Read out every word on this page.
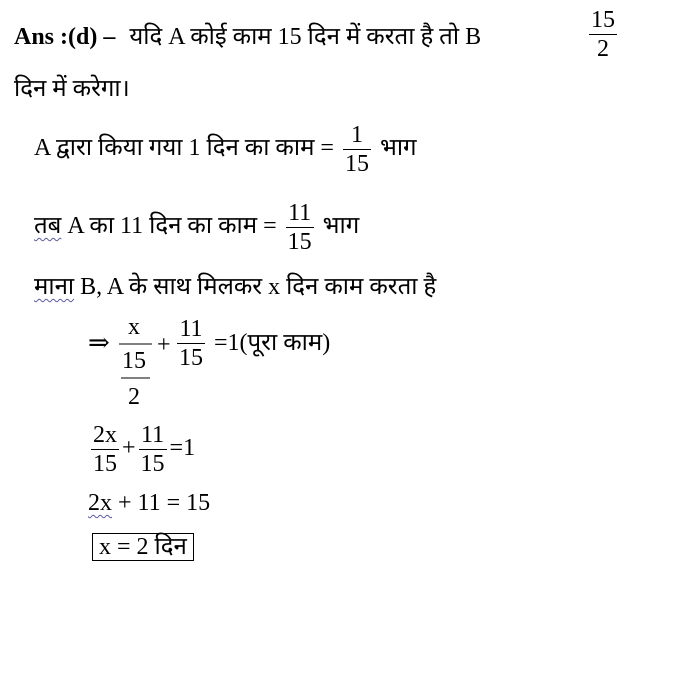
Ans :(d) – यदि A कोई काम 15 दिन में करता है तो B	$\frac{15}{2}$
दिन में करेगा।
A द्वारा किया गया 1 दिन का काम = $\frac{1}{15}$ भाग
तब A का 11 दिन का काम = $\frac{11}{15}$ भाग
माना B, A के साथ मिलकर x दिन काम करता है
⇒
x
15
2
+ $\frac{11}{15}$ =1(पूरा काम)
$\frac{2x}{15} + \frac{11}{15} =1$
2x + 11 = 15
x = 2 दिन
